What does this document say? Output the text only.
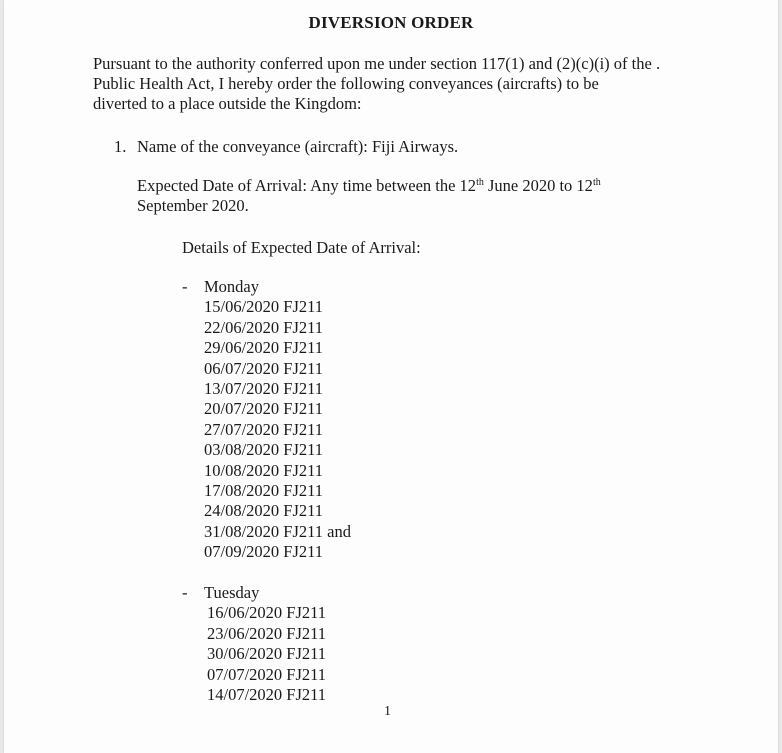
DIVERSION ORDER
Pursuant to the authority conferred upon me under section 117(1) and (2)(c)(i) of the .
Public Health Act, I hereby order the following conveyances (aircrafts) to be
diverted to a place outside the Kingdom:
1. Name of the conveyance (aircraft): Fiji Airways.
Expected Date of Arrival: Any time between the 12th June 2020 to 12th
September 2020.
Details of Expected Date of Arrival:
- Monday
15/06/2020 FJ211
22/06/2020 FJ211
29/06/2020 FJ211
06/07/2020 FJ211
13/07/2020 FJ211
20/07/2020 FJ211
27/07/2020 FJ211
03/08/2020 FJ211
10/08/2020 FJ211
17/08/2020 FJ211
24/08/2020 FJ211
31/08/2020 FJ211 and
07/09/2020 FJ211
- Tuesday
16/06/2020 FJ211
23/06/2020 FJ211
30/06/2020 FJ211
07/07/2020 FJ211
14/07/2020 FJ211
1
